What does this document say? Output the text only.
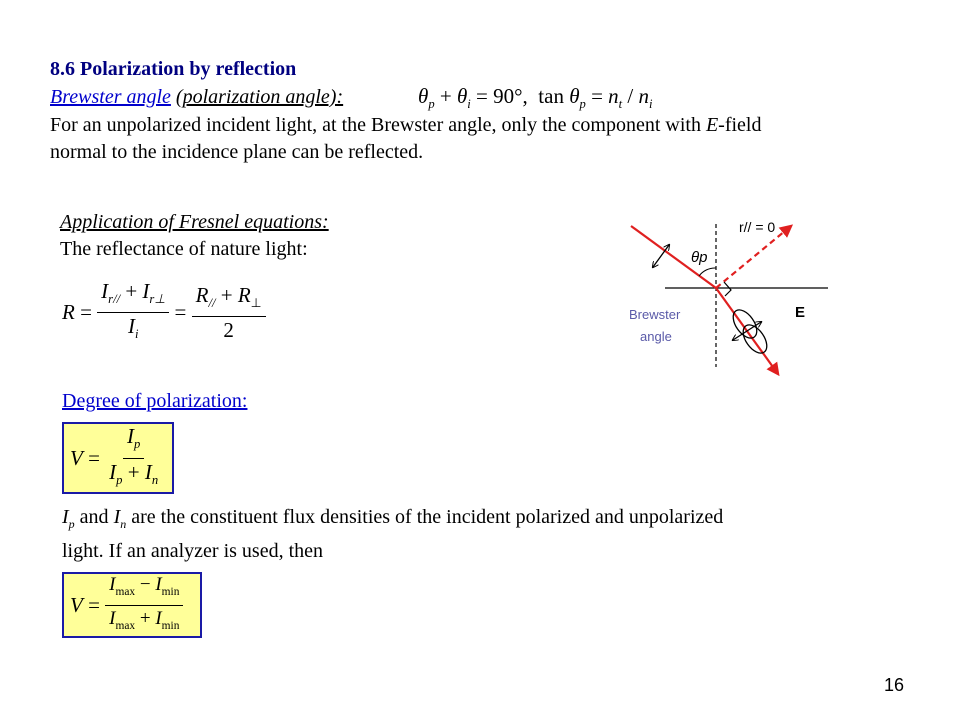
8.6 Polarization by reflection
Brewster angle (polarization angle):	$\theta_p + \theta_i = 90^\circ$,  $\tan \theta_p = n_t / n_i$
For an unpolarized incident light, at the Brewster angle, only the component with E-field
normal to the incidence plane can be reflected.
Application of Fresnel equations:
The reflectance of nature light:
$R = \frac{I_{r//} + I_{r\perp}}{I_i} = \frac{R_{//} + R_\perp}{2}$
r// = 0
θp
Brewster
angle
E
Degree of polarization:
$V = \frac{I_p}{I_p + I_n}$
$I_p$ and $I_n$ are the constituent flux densities of the incident polarized and unpolarized
light. If an analyzer is used, then
$V = \frac{I_{max} - I_{min}}{I_{max} + I_{min}}$
16
